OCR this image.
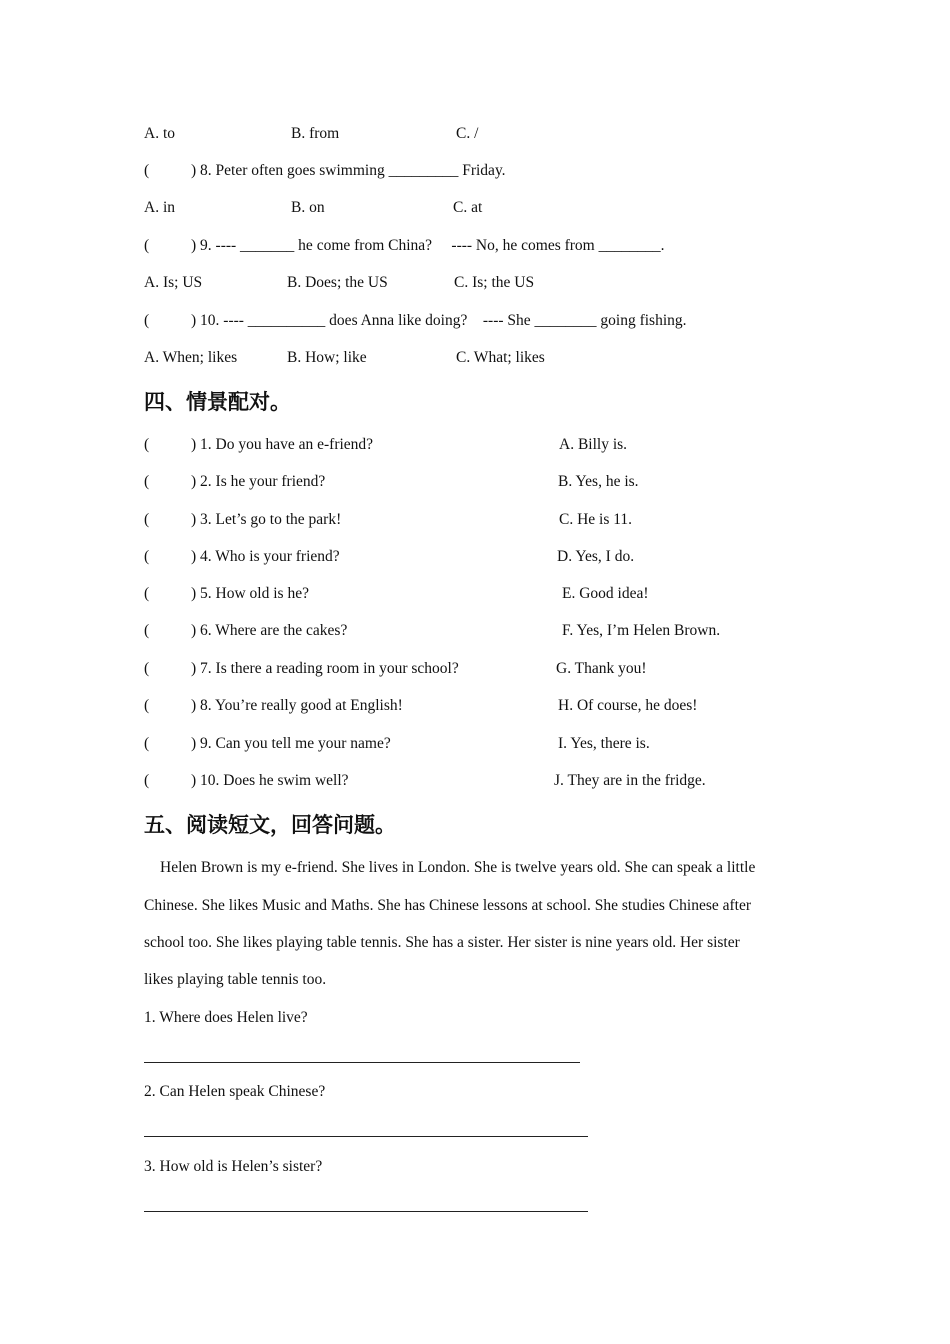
A. to	B. from	C. /
(	) 8. Peter often goes swimming _________ Friday.
A. in	B. on	C. at
(	) 9. ---- _______ he come from China?     ---- No, he comes from ________.
A. Is; US	B. Does; the US	C. Is; the US
(	) 10. ---- __________ does Anna like doing?    ---- She ________ going fishing.
A. When; likes	B. How; like	C. What; likes
四、情景配对。
(	) 1. Do you have an e-friend?	A. Billy is.
(	) 2. Is he your friend?	B. Yes, he is.
(	) 3. Let’s go to the park!	C. He is 11.
(	) 4. Who is your friend?	D. Yes, I do.
(	) 5. How old is he?	E. Good idea!
(	) 6. Where are the cakes?	F. Yes, I’m Helen Brown.
(	) 7. Is there a reading room in your school?	G. Thank you!
(	) 8. You’re really good at English!	H. Of course, he does!
(	) 9. Can you tell me your name?	I. Yes, there is.
(	) 10. Does he swim well?	J. They are in the fridge.
五、阅读短文，回答问题。
Helen Brown is my e-friend. She lives in London. She is twelve years old. She can speak a little
Chinese. She likes Music and Maths. She has Chinese lessons at school. She studies Chinese after
school too. She likes playing table tennis. She has a sister. Her sister is nine years old. Her sister
likes playing table tennis too.
1. Where does Helen live?
2. Can Helen speak Chinese?
3. How old is Helen’s sister?
